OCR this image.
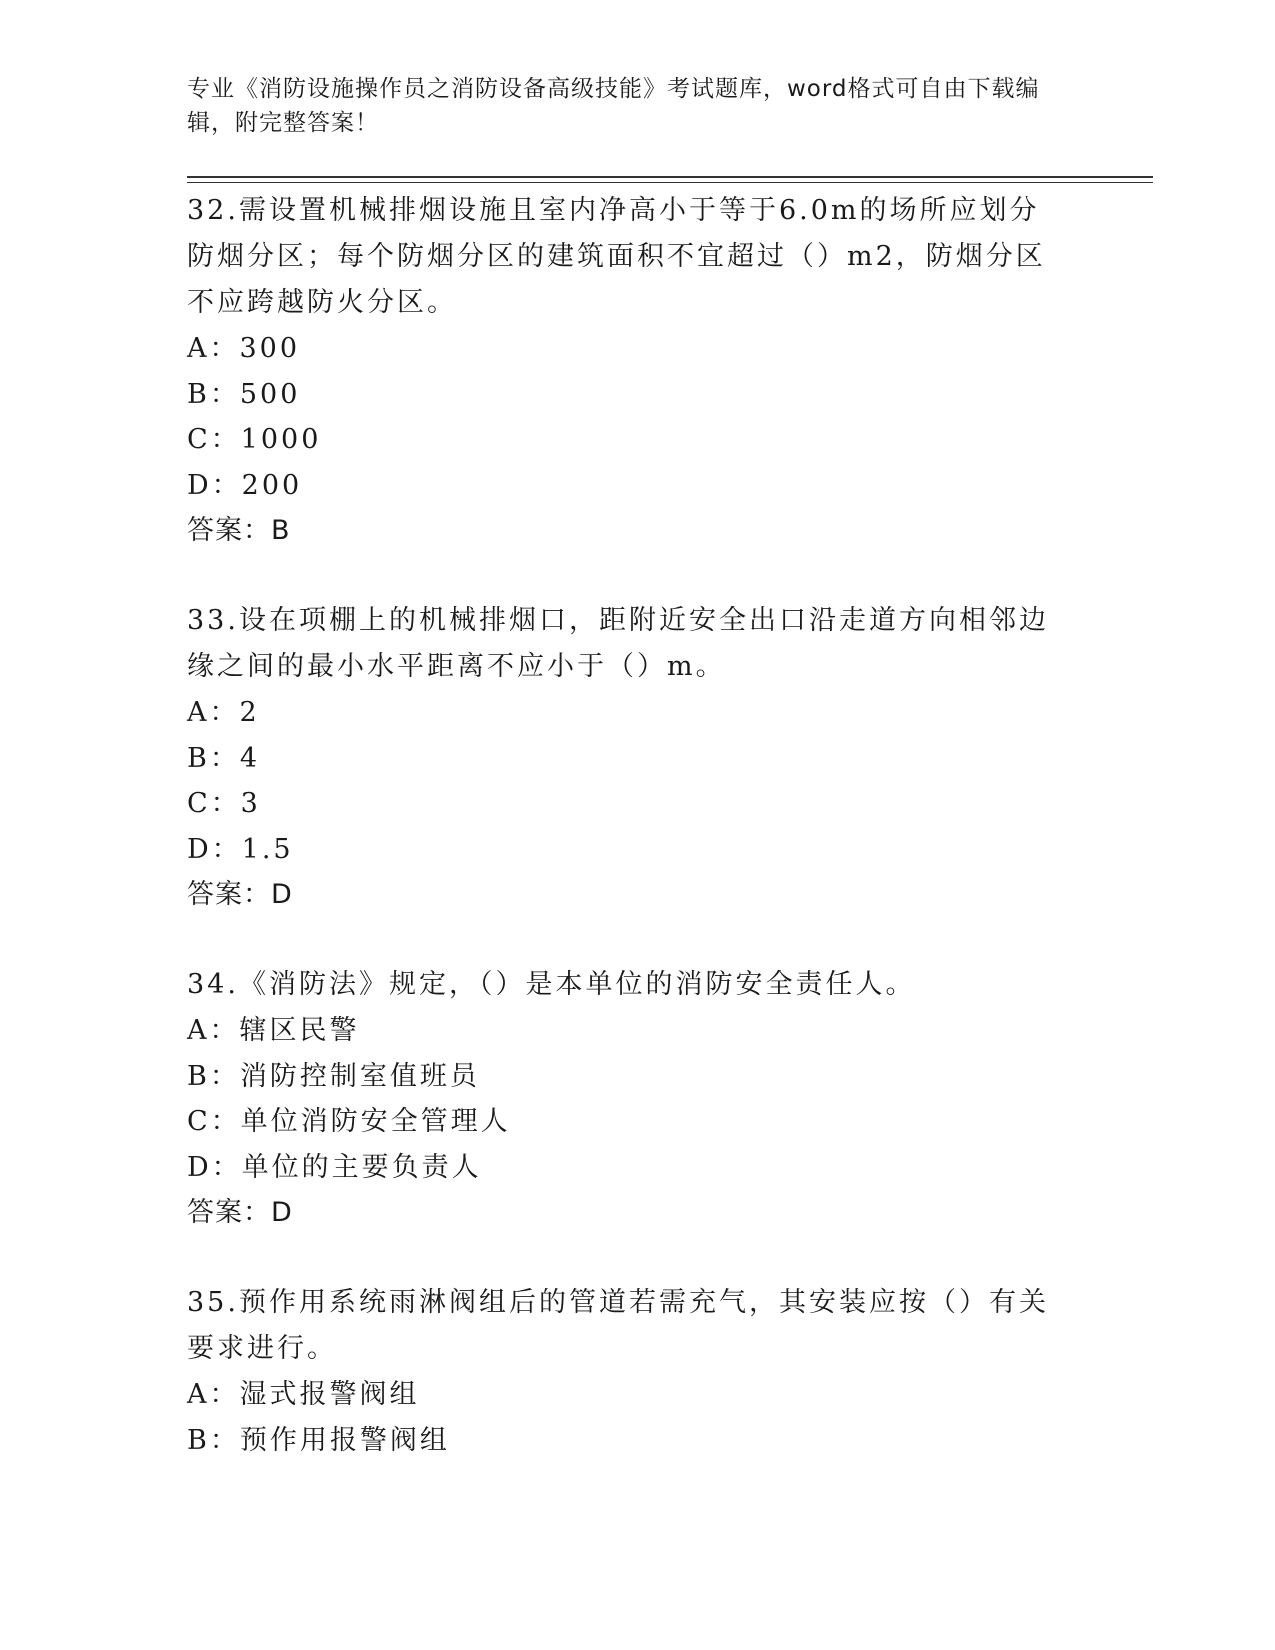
专业《消防设施操作员之消防设备高级技能》考试题库，word格式可自由下载编辑，附完整答案！
32.需设置机械排烟设施且室内净高小于等于6.0m的场所应划分防烟分区；每个防烟分区的建筑面积不宜超过（）m2，防烟分区不应跨越防火分区。
A：300
B：500
C：1000
D：200
答案：B
33.设在项棚上的机械排烟口，距附近安全出口沿走道方向相邻边缘之间的最小水平距离不应小于（）m。
A：2
B：4
C：3
D：1.5
答案：D
34.《消防法》规定，（）是本单位的消防安全责任人。
A：辖区民警
B：消防控制室值班员
C：单位消防安全管理人
D：单位的主要负责人
答案：D
35.预作用系统雨淋阀组后的管道若需充气，其安装应按（）有关要求进行。
A：湿式报警阀组
B：预作用报警阀组
